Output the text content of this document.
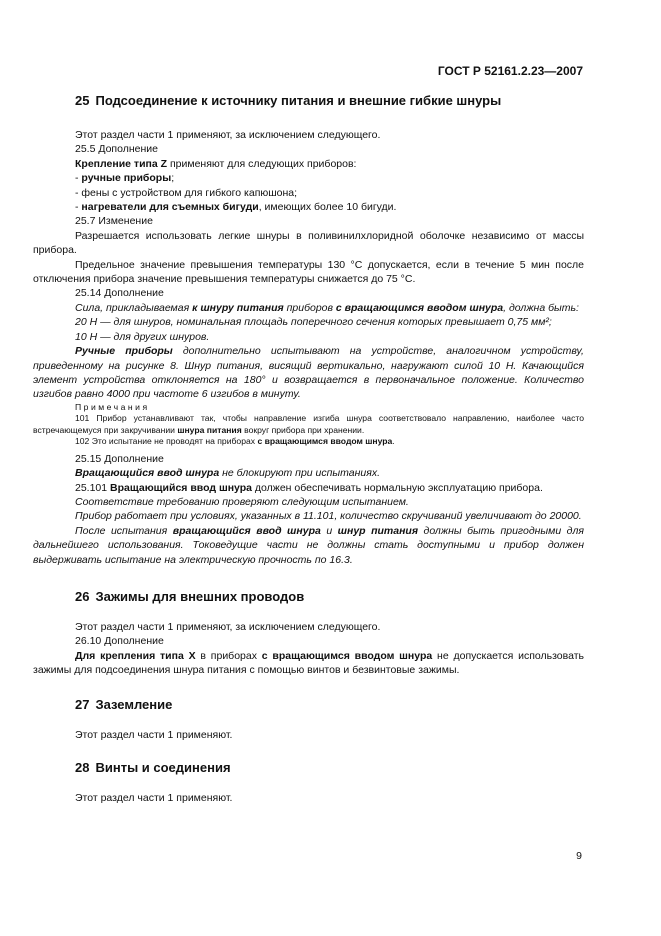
ГОСТ Р 52161.2.23—2007
25 Подсоединение к источнику питания и внешние гибкие шнуры

Этот раздел части 1 применяют, за исключением следующего.

25.5 Дополнение

Крепление типа Z применяют для следующих приборов:

- ручные приборы;

- фены с устройством для гибкого капюшона;

- нагреватели для съемных бигуди, имеющих более 10 бигуди.

25.7 Изменение

Разрешается использовать легкие шнуры в поливинилхлоридной оболочке независимо от массы прибора.

Предельное значение превышения температуры 130 °С допускается, если в течение 5 мин после отключения прибора значение превышения температуры снижается до 75 °С.

25.14 Дополнение

Сила, прикладываемая к шнуру питания приборов с вращающимся вводом шнура, должна быть:

20 Н — для шнуров, номинальная площадь поперечного сечения которых превышает 0,75 мм²;

10 Н — для других шнуров.

Ручные приборы дополнительно испытывают на устройстве, аналогичном устройству, приведенному на рисунке 8. Шнур питания, висящий вертикально, нагружают силой 10 Н. Качающийся элемент устройства отклоняется на 180° и возвращается в первоначальное положение. Количество изгибов равно 4000 при частоте 6 изгибов в минуту.

Примечания

101 Прибор устанавливают так, чтобы направление изгиба шнура соответствовало направлению, наиболее часто встречающемуся при закручивании шнура питания вокруг прибора при хранении.

102 Это испытание не проводят на приборах с вращающимся вводом шнура.

25.15 Дополнение

Вращающийся ввод шнура не блокируют при испытаниях.

25.101 Вращающийся ввод шнура должен обеспечивать нормальную эксплуатацию прибора.

Соответствие требованию проверяют следующим испытанием.

Прибор работает при условиях, указанных в 11.101, количество скручиваний увеличивают до 20000.

После испытания вращающийся ввод шнура и шнур питания должны быть пригодными для дальнейшего использования. Токоведущие части не должны стать доступными и прибор должен выдерживать испытание на электрическую прочность по 16.3.

26 Зажимы для внешних проводов

Этот раздел части 1 применяют, за исключением следующего.

26.10 Дополнение

Для крепления типа X в приборах с вращающимся вводом шнура не допускается использовать зажимы для подсоединения шнура питания с помощью винтов и безвинтовые зажимы.

27 Заземление

Этот раздел части 1 применяют.

28 Винты и соединения

Этот раздел части 1 применяют.

9
